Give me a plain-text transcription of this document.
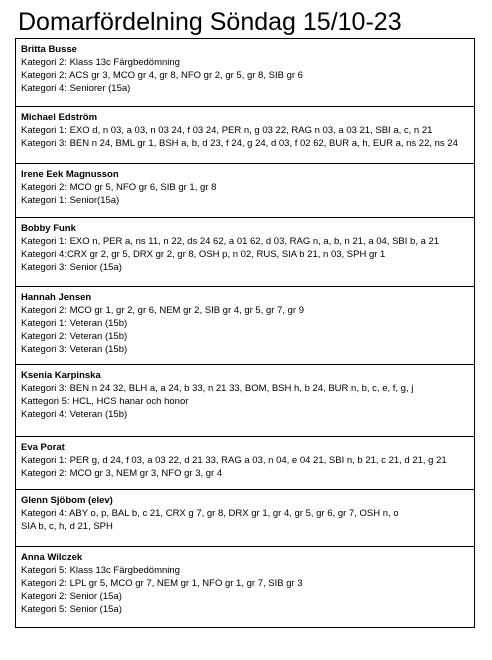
Domarfördelning Söndag 15/10-23
Britta Busse
Kategori 2: Klass 13c Färgbedömning
Kategori 2: ACS gr 3, MCO gr 4, gr 8, NFO gr 2, gr 5, gr 8, SIB gr 6
Kategori 4: Seniorer (15a)
Michael Edström
Kategori 1: EXO d, n 03, a 03, n 03 24, f 03 24, PER n, g 03 22, RAG n 03, a 03 21, SBI a, c, n 21
Kategori 3: BEN n 24, BML gr 1, BSH a, b, d 23, f 24, g 24, d 03, f 02 62, BUR a, h, EUR a, ns 22, ns 24
Irene Eek Magnusson
Kategori 2: MCO gr 5, NFO gr 6, SIB gr 1, gr 8
Kategori 1: Senior(15a)
Bobby Funk
Kategori 1: EXO n, PER a, ns 11, n 22, ds 24 62, a 01 62, d 03, RAG n, a, b, n 21, a 04, SBI b, a 21
Kategori 4:CRX gr 2, gr 5, DRX gr 2, gr 8, OSH p, n 02, RUS, SIA b 21, n 03, SPH gr 1
Kategori 3: Senior (15a)
Hannah Jensen
Kategori 2: MCO gr 1, gr 2, gr 6, NEM gr 2, SIB gr 4, gr 5, gr 7, gr 9
Kategori 1: Veteran (15b)
Kategori 2: Veteran (15b)
Kategori 3: Veteran (15b)
Ksenia Karpinska
Kategori 3: BEN n 24 32, BLH a, a 24, b 33, n 21 33, BOM, BSH h, b 24, BUR n, b, c, e, f, g, j
Kattegori 5: HCL, HCS hanar och honor
Kategori 4: Veteran (15b)
Eva Porat
Kategori 1: PER g, d 24, f 03, a 03 22, d 21 33, RAG a 03, n 04, e 04 21, SBI n, b 21, c 21, d 21, g 21
Kategori 2: MCO gr 3, NEM gr 3, NFO gr 3, gr 4
Glenn Sjöbom (elev)
Kategori 4: ABY o, p, BAL b, c 21, CRX g 7, gr 8, DRX gr 1, gr 4, gr 5, gr 6, gr 7, OSH n, o
SIA b, c, h, d 21, SPH
Anna Wilczek
Kategori 5: Klass 13c Färgbedömning
Kategori 2: LPL gr 5, MCO gr 7, NEM gr 1, NFO gr 1, gr 7, SIB gr 3
Kategori 2: Senior (15a)
Kategori 5: Senior (15a)
